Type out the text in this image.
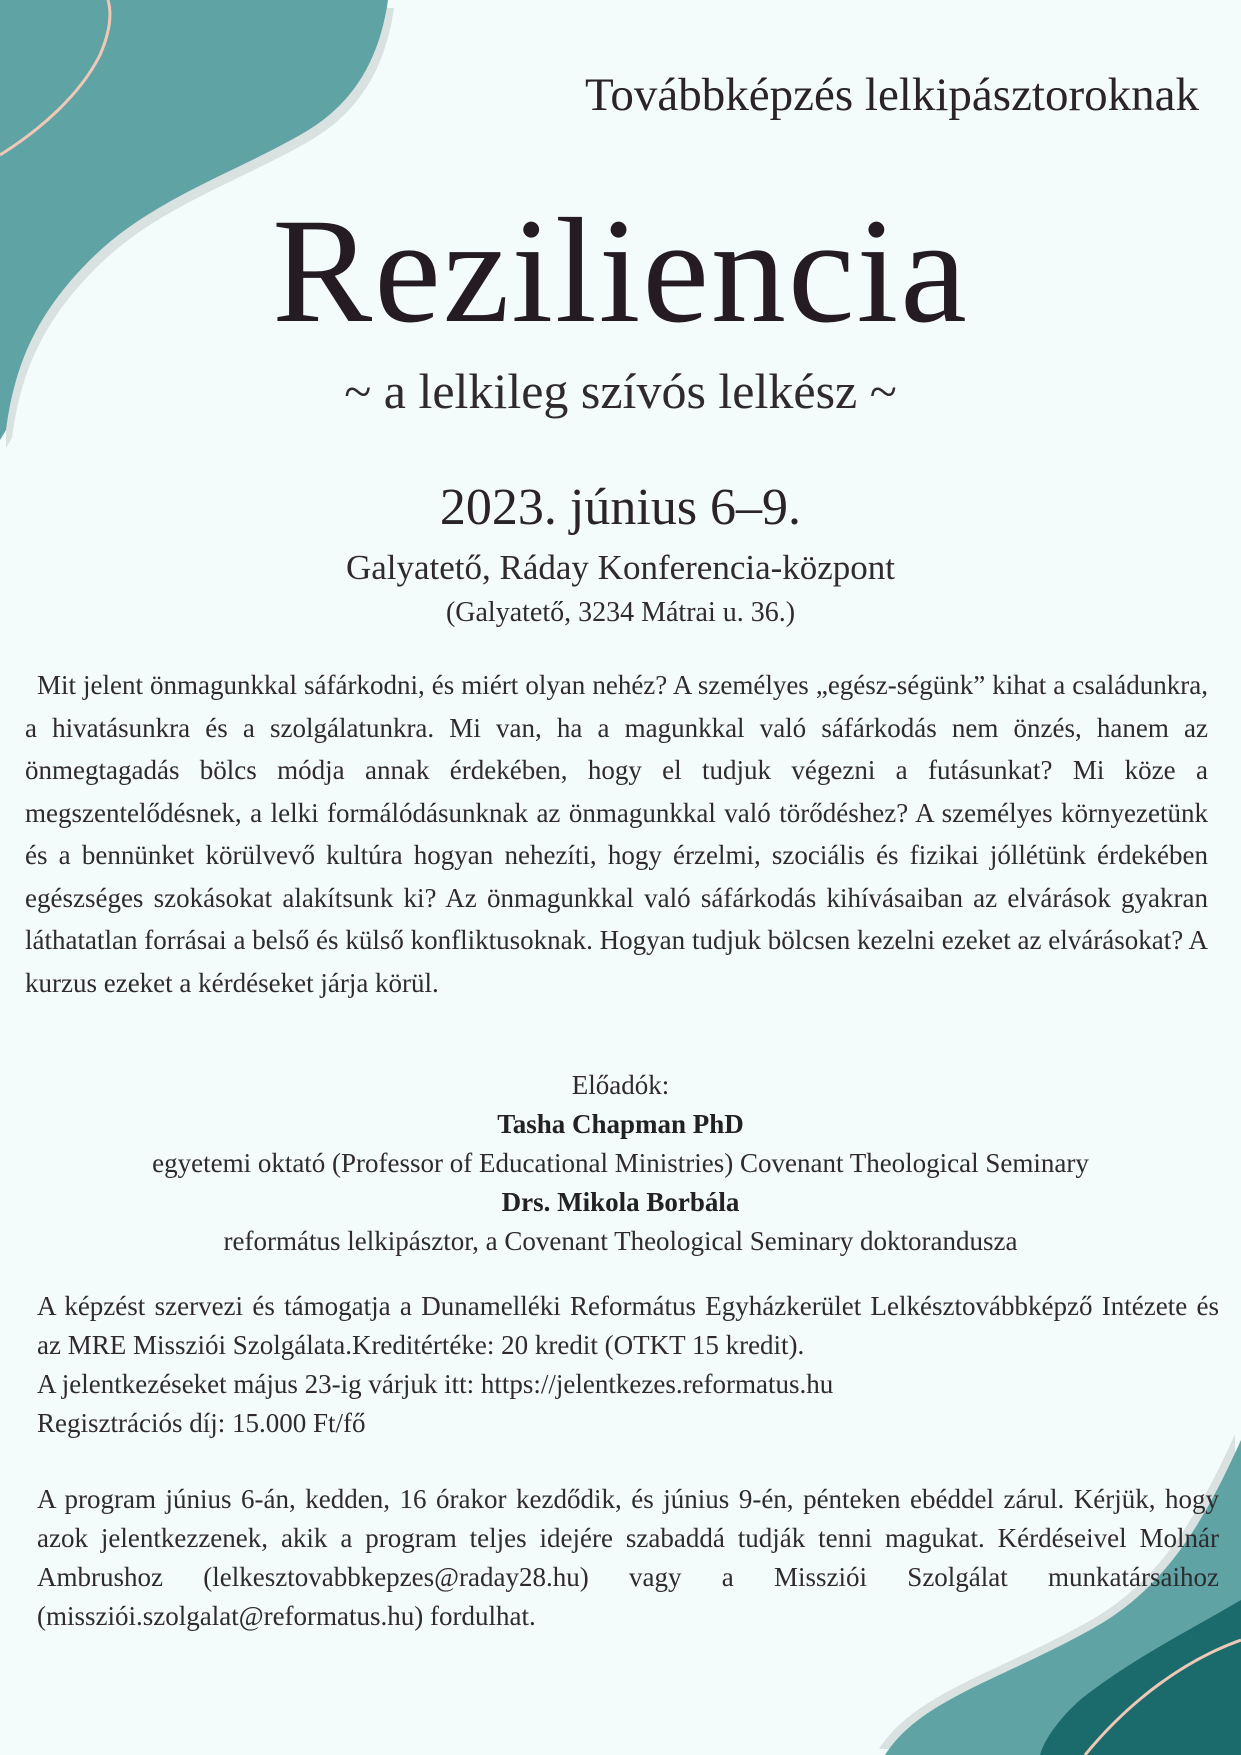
Továbbképzés lelkipásztoroknak
Reziliencia
~ a lelkileg szívós lelkész ~
2023. június 6–9.
Galyatető, Ráday Konferencia-központ
(Galyatető, 3234 Mátrai u. 36.)

Mit jelent önmagunkkal sáfárkodni, és miért olyan nehéz? A személyes „egész-ségünk” kihat a családunkra, a hivatásunkra és a szolgálatunkra. Mi van, ha a magunkkal való sáfárkodás nem önzés, hanem az önmegtagadás bölcs módja annak érdekében, hogy el tudjuk végezni a futásunkat? Mi köze a megszentelődésnek, a lelki formálódásunknak az önmagunkkal való törődéshez? A személyes környezetünk és a bennünket körülvevő kultúra hogyan nehezíti, hogy érzelmi, szociális és fizikai jóllétünk érdekében egészséges szokásokat alakítsunk ki? Az önmagunkkal való sáfárkodás kihívásaiban az elvárások gyakran láthatatlan forrásai a belső és külső konfliktusoknak. Hogyan tudjuk bölcsen kezelni ezeket az elvárásokat? A kurzus ezeket a kérdéseket járja körül.

Előadók:
Tasha Chapman PhD
egyetemi oktató (Professor of Educational Ministries) Covenant Theological Seminary
Drs. Mikola Borbála
református lelkipásztor, a Covenant Theological Seminary doktorandusza

A képzést szervezi és támogatja a Dunamelléki Református Egyházkerület Lelkésztovábbképző Intézete és az MRE Missziói Szolgálata.Kreditértéke: 20 kredit (OTKT 15 kredit).

A jelentkezéseket május 23-ig várjuk itt: https://jelentkezes.reformatus.hu

Regisztrációs díj: 15.000 Ft/fő

A program június 6-án, kedden, 16 órakor kezdődik, és június 9-én, pénteken ebéddel zárul. Kérjük, hogy azok jelentkezzenek, akik a program teljes idejére szabaddá tudják tenni magukat. Kérdéseivel Molnár Ambrushoz (lelkesztovabbkepzes@raday28.hu) vagy a Missziói Szolgálat munkatársaihoz (missziói.szolgalat@reformatus.hu) fordulhat.
